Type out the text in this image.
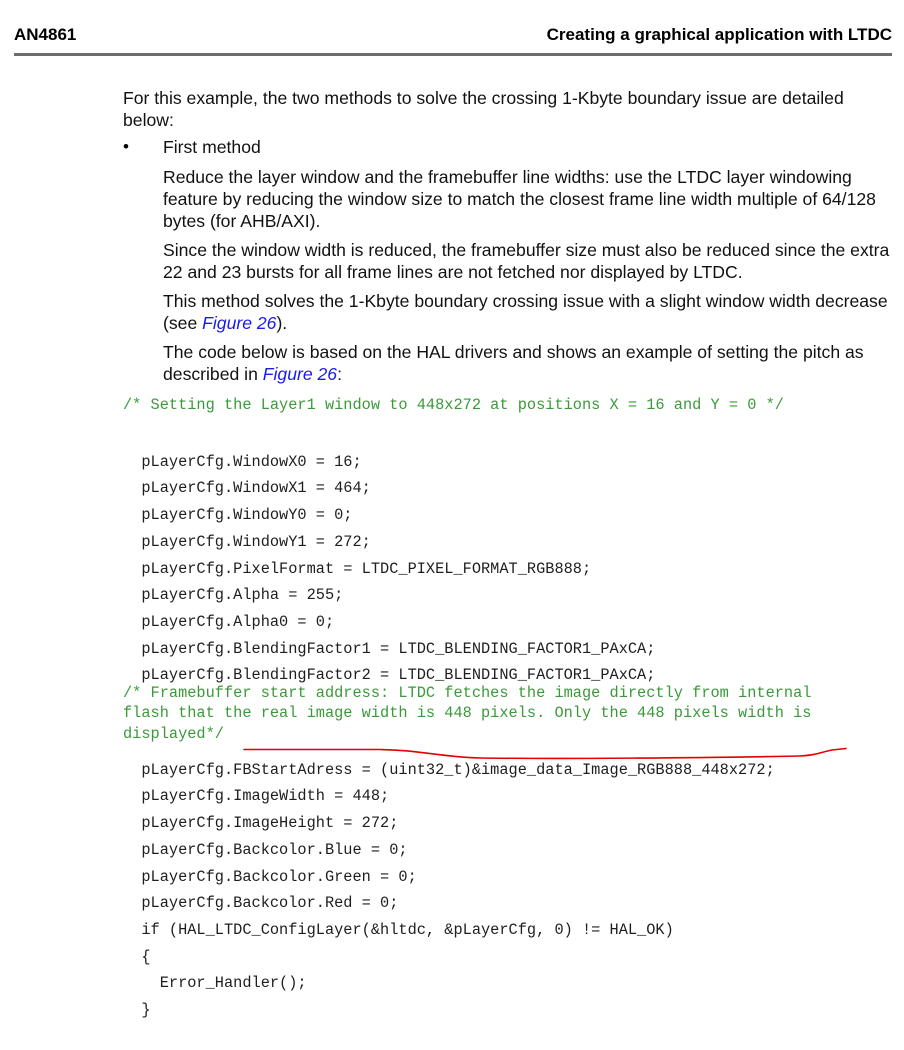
AN4861	Creating a graphical application with LTDC

For this example, the two methods to solve the crossing 1-Kbyte boundary issue are detailed below:

• First method

Reduce the layer window and the framebuffer line widths: use the LTDC layer windowing feature by reducing the window size to match the closest frame line width multiple of 64/128 bytes (for AHB/AXI).

Since the window width is reduced, the framebuffer size must also be reduced since the extra 22 and 23 bursts for all frame lines are not fetched nor displayed by LTDC.

This method solves the 1-Kbyte boundary crossing issue with a slight window width decrease (see Figure 26).

The code below is based on the HAL drivers and shows an example of setting the pitch as described in Figure 26:

/* Setting the Layer1 window to 448x272 at positions X = 16 and Y = 0 */

pLayerCfg.WindowX0 = 16;
pLayerCfg.WindowX1 = 464;
pLayerCfg.WindowY0 = 0;
pLayerCfg.WindowY1 = 272;
pLayerCfg.PixelFormat = LTDC_PIXEL_FORMAT_RGB888;
pLayerCfg.Alpha = 255;
pLayerCfg.Alpha0 = 0;
pLayerCfg.BlendingFactor1 = LTDC_BLENDING_FACTOR1_PAxCA;
pLayerCfg.BlendingFactor2 = LTDC_BLENDING_FACTOR1_PAxCA;

/* Framebuffer start address: LTDC fetches the image directly from internal
flash that the real image width is 448 pixels. Only the 448 pixels width is
displayed*/

pLayerCfg.FBStartAdress = (uint32_t)&image_data_Image_RGB888_448x272;
pLayerCfg.ImageWidth = 448;
pLayerCfg.ImageHeight = 272;
pLayerCfg.Backcolor.Blue = 0;
pLayerCfg.Backcolor.Green = 0;
pLayerCfg.Backcolor.Red = 0;
if (HAL_LTDC_ConfigLayer(&hltdc, &pLayerCfg, 0) != HAL_OK)
{
Error_Handler();
}
